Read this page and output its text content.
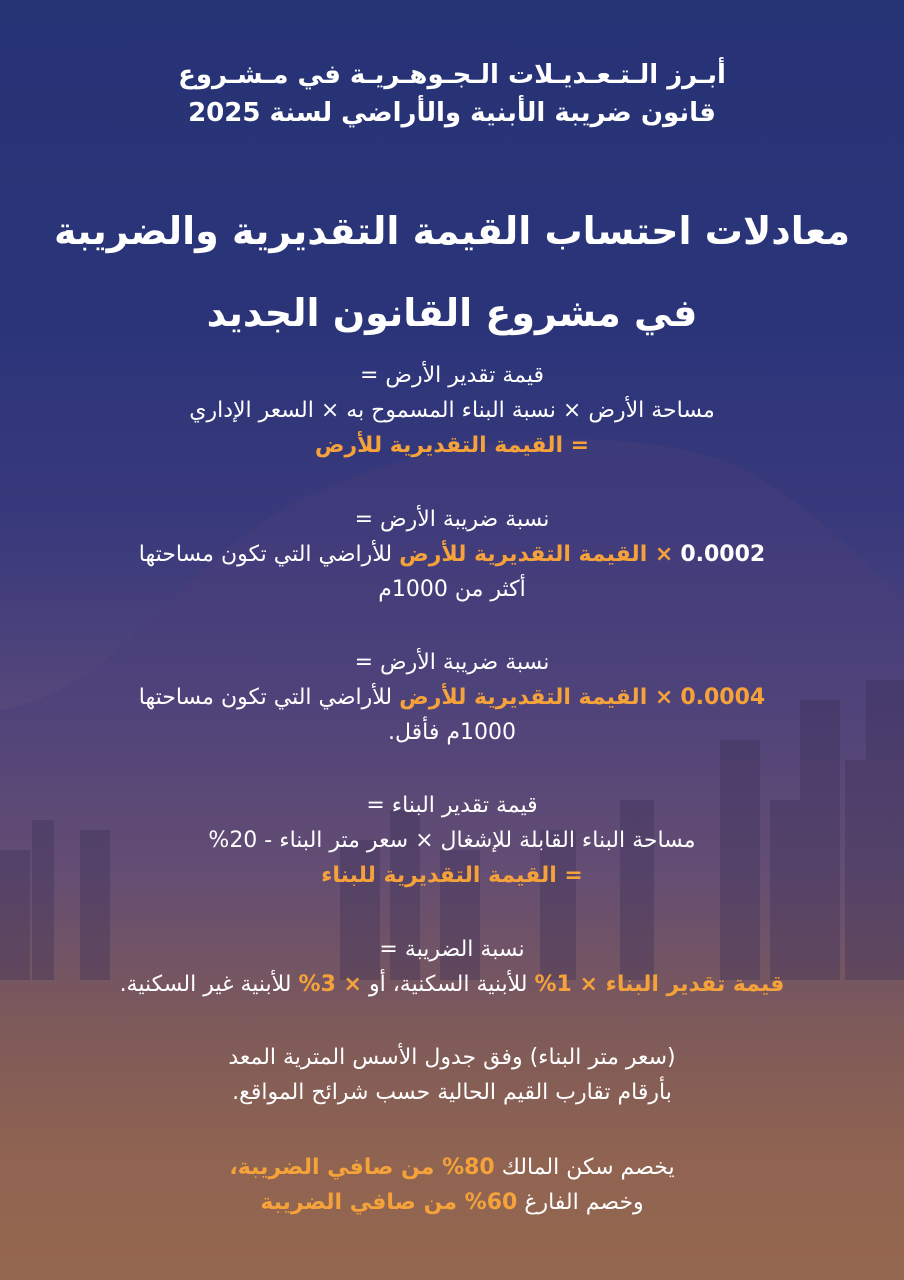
أبـرز الـتـعـديـلات الـجـوهـريـة في مـشـروع

قانون ضريبة الأبنية والأراضي لسنة 2025

معادلات احتساب القيمة التقديرية والضريبة

في مشروع القانون الجديد

قيمة تقدير الأرض =

مساحة الأرض × نسبة البناء المسموح به × السعر الإداري

= القيمة التقديرية للأرض

نسبة ضريبة الأرض =

0.0002 × القيمة التقديرية للأرض للأراضي التي تكون مساحتها

أكثر من 1000م

نسبة ضريبة الأرض =

0.0004 × القيمة التقديرية للأرض للأراضي التي تكون مساحتها

1000م فأقل.

قيمة تقدير البناء =

مساحة البناء القابلة للإشغال × سعر متر البناء - 20%

= القيمة التقديرية للبناء

نسبة الضريبة =

قيمة تقدير البناء × 1% للأبنية السكنية، أو × 3% للأبنية غير السكنية.

(سعر متر البناء) وفق جدول الأسس المترية المعد

بأرقام تقارب القيم الحالية حسب شرائح المواقع.

يخصم سكن المالك 80% من صافي الضريبة،

وخصم الفارغ 60% من صافي الضريبة
